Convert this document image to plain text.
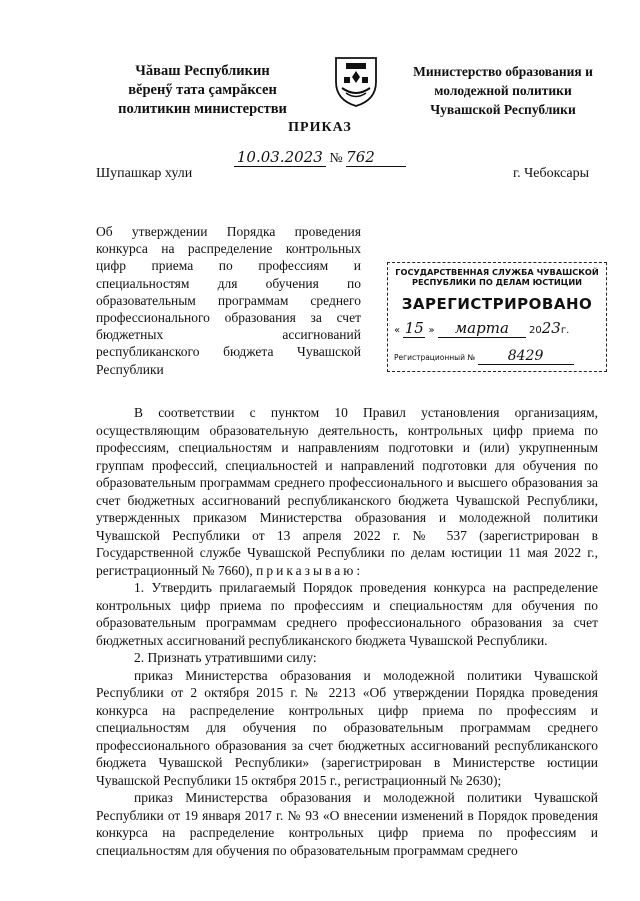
Чăваш Республикин
вĕренӳ тата çамрăксен
политикин министерстви
Министерство образования и
молодежной политики
Чувашской Республики
ПРИКАЗ
10.03.2023 № 762
Шупашкар хули	г. Чебоксары
Об утверждении Порядка проведения
конкурса на распределение контрольных
цифр приема по профессиям и
специальностям для обучения по
образовательным программам среднего
профессионального образования за счет
бюджетных ассигнований
республиканского бюджета Чувашской
Республики
ГОСУДАРСТВЕННАЯ СЛУЖБА ЧУВАШСКОЙ
РЕСПУБЛИКИ ПО ДЕЛАМ ЮСТИЦИИ
ЗАРЕГИСТРИРОВАНО
« 15 » марта 2023г.
Регистрационный № 8429

В соответствии с пунктом 10 Правил установления организациям, осуществляющим образовательную деятельность, контрольных цифр приема по профессиям, специальностям и направлениям подготовки и (или) укрупненным группам профессий, специальностей и направлений подготовки для обучения по образовательным программам среднего профессионального и высшего образования за счет бюджетных ассигнований республиканского бюджета Чувашской Республики, утвержденных приказом Министерства образования и молодежной политики Чувашской Республики от 13 апреля 2022 г. № 537 (зарегистрирован в Государственной службе Чувашской Республики по делам юстиции 11 мая 2022 г., регистрационный № 7660), приказываю:

1. Утвердить прилагаемый Порядок проведения конкурса на распределение контрольных цифр приема по профессиям и специальностям для обучения по образовательным программам среднего профессионального образования за счет бюджетных ассигнований республиканского бюджета Чувашской Республики.

2. Признать утратившими силу:

приказ Министерства образования и молодежной политики Чувашской Республики от 2 октября 2015 г. № 2213 «Об утверждении Порядка проведения конкурса на распределение контрольных цифр приема по профессиям и специальностям для обучения по образовательным программам среднего профессионального образования за счет бюджетных ассигнований республиканского бюджета Чувашской Республики» (зарегистрирован в Министерстве юстиции Чувашской Республики 15 октября 2015 г., регистрационный № 2630);

приказ Министерства образования и молодежной политики Чувашской Республики от 19 января 2017 г. № 93 «О внесении изменений в Порядок проведения конкурса на распределение контрольных цифр приема по профессиям и специальностям для обучения по образовательным программам среднего
